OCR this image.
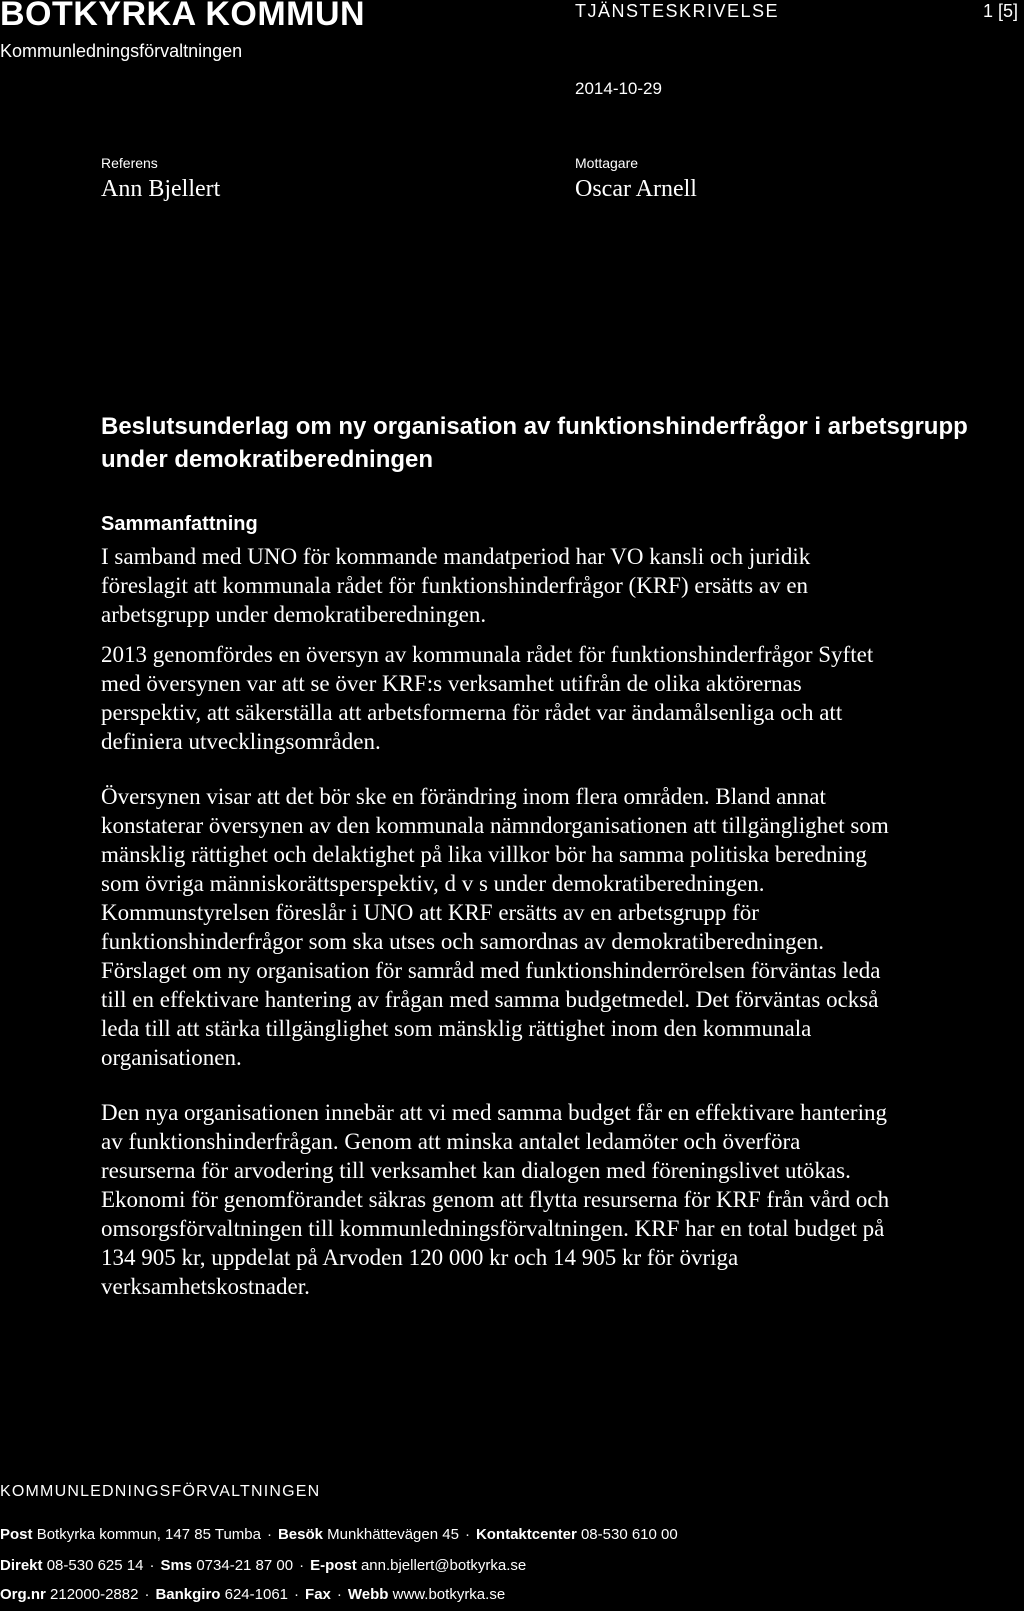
BOTKYRKA KOMMUN
Kommunledningsförvaltningen
TJÄNSTESKRIVELSE	1 [5]
2014-10-29
Referens
Ann Bjellert
Mottagare
Oscar Arnell
Beslutsunderlag om ny organisation av funktionshinderfrågor i arbetsgrupp under demokratiberedningen
Sammanfattning

I samband med UNO för kommande mandatperiod har VO kansli och juridik föreslagit att kommunala rådet för funktionshinderfrågor (KRF) ersätts av en arbetsgrupp under demokratiberedningen.

2013 genomfördes en översyn av kommunala rådet för funktionshinderfrågor Syftet med översynen var att se över KRF:s verksamhet utifrån de olika aktörernas perspektiv, att säkerställa att arbetsformerna för rådet var ändamålsenliga och att definiera utvecklingsområden.

Översynen visar att det bör ske en förändring inom flera områden. Bland annat konstaterar översynen av den kommunala nämndorganisationen att tillgänglighet som mänsklig rättighet och delaktighet på lika villkor bör ha samma politiska beredning som övriga människorättsperspektiv, d v s under demokratiberedningen. Kommunstyrelsen föreslår i UNO att KRF ersätts av en arbetsgrupp för funktionshinderfrågor som ska utses och samordnas av demokratiberedningen. Förslaget om ny organisation för samråd med funktionshinderrörelsen förväntas leda till en effektivare hantering av frågan med samma budgetmedel. Det förväntas också leda till att stärka tillgänglighet som mänsklig rättighet inom den kommunala organisationen.

Den nya organisationen innebär att vi med samma budget får en effektivare hantering av funktionshinderfrågan. Genom att minska antalet ledamöter och överföra resurserna för arvodering till verksamhet kan dialogen med föreningslivet utökas. Ekonomi för genomförandet säkras genom att flytta resurserna för KRF från vård och omsorgsförvaltningen till kommunledningsförvaltningen. KRF har en total budget på 134 905 kr, uppdelat på Arvoden 120 000 kr och 14 905 kr för övriga verksamhetskostnader.

KOMMUNLEDNINGSFÖRVALTNINGEN
Post Botkyrka kommun, 147 85 Tumba · Besök Munkhättevägen 45 · Kontaktcenter 08-530 610 00
Direkt 08-530 625 14 · Sms 0734-21 87 00 · E-post ann.bjellert@botkyrka.se
Org.nr 212000-2882 · Bankgiro 624-1061 · Fax · Webb www.botkyrka.se
